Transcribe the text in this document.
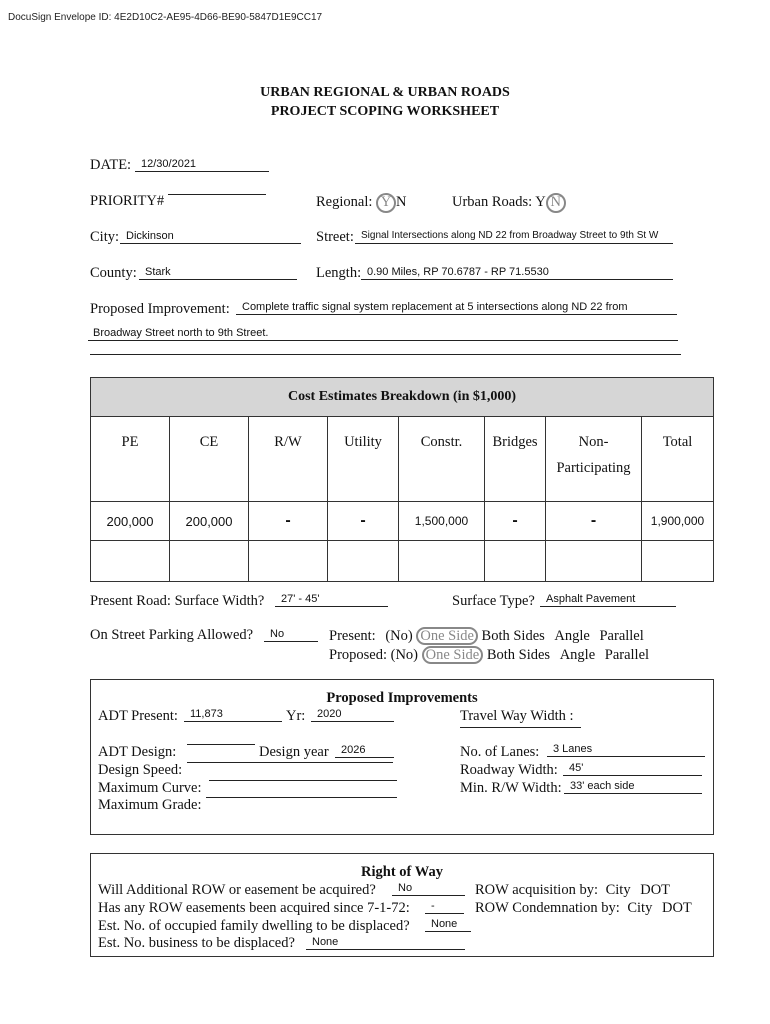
DocuSign Envelope ID: 4E2D10C2-AE95-4D66-BE90-5847D1E9CC17
URBAN REGIONAL & URBAN ROADS
PROJECT SCOPING WORKSHEET
DATE: 12/30/2021
PRIORITY#	Regional: Y N	Urban Roads: Y N
City: Dickinson	Street: Signal Intersections along ND 22 from Broadway Street to 9th St W
County: Stark	Length: 0.90 Miles, RP 70.6787 - RP 71.5530
Proposed Improvement:	Complete traffic signal system replacement at 5 intersections along ND 22 from
Broadway Street north to 9th Street.
Cost Estimates Breakdown (in $1,000)							
PE	CE	R/W	Utility	Constr.	Bridges	Non-
Participating	Total
200,000	200,000	-	-	1,500,000	-	-	1,900,000

Present Road: Surface Width?	27' - 45'	Surface Type?	Asphalt Pavement
On Street Parking Allowed?	No	Present: (No) One Side Both Sides Angle Parallel
Proposed: (No) One Side Both Sides Angle Parallel
Proposed Improvements
ADT Present:	11,873	Yr:	2020	Travel Way Width :
ADT Design:	Design year	2026	No. of Lanes:	3 Lanes
Design Speed:	Roadway Width:	45'
Maximum Curve:	Min. R/W Width: 33' each side
Maximum Grade:
Right of Way
Will Additional ROW or easement be acquired?	No
Has any ROW easements been acquired since 7-1-72:	-
Est. No. of occupied family dwelling to be displaced?	None
Est. No. business to be displaced?	None
ROW acquisition by: City DOT
ROW Condemnation by: City DOT
